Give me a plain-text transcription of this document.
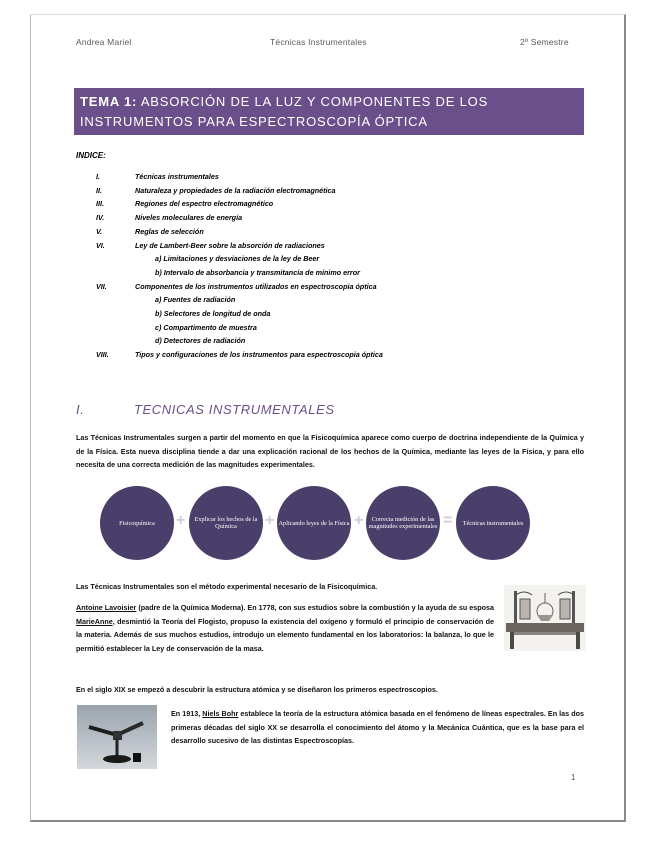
Andrea Mariel	Técnicas Instrumentales	2º Semestre
TEMA 1: ABSORCIÓN DE LA LUZ Y COMPONENTES DE LOS
INSTRUMENTOS PARA ESPECTROSCOPÍA ÓPTICA
INDICE:
I.	Técnicas instrumentales
II.	Naturaleza y propiedades de la radiación electromagnética
III.	Regiones del espectro electromagnético
IV.	Niveles moleculares de energía
V.	Reglas de selección
VI.	Ley de Lambert-Beer sobre la absorción de radiaciones
a) Limitaciones y desviaciones de la ley de Beer
b) Intervalo de absorbancia y transmitancia de mínimo error
VII.	Componentes de los instrumentos utilizados en espectroscopia óptica
a) Fuentes de radiación
b) Selectores de longitud de onda
c) Compartimento de muestra
d) Detectores de radiación
VIII.	Tipos y configuraciones de los instrumentos para espectroscopia óptica
I.	TECNICAS INSTRUMENTALES
Las Técnicas Instrumentales surgen a partir del momento en que la Fisicoquímica aparece como cuerpo de doctrina independiente de la Química y de la Física. Esta nueva disciplina tiende a dar una explicación racional de los hechos de la Química, mediante las leyes de la Física, y para ello necesita de una correcta medición de las magnitudes experimentales.
Fisicoquímica	+	Explicar los hechos de la Química	+ Aplicando leyes de la Física +	Correcta medición de las magnitudes experimentales =	Técnicas instrumentales
Las Técnicas Instrumentales son el método experimental necesario de la Fisicoquímica.
Antoine Lavoisier (padre de la Química Moderna). En 1778, con sus estudios sobre la combustión y la ayuda de su esposa MarieAnne, desmintió la Teoría del Flogisto, propuso la existencia del oxígeno y formuló el principio de conservación de la materia. Además de sus muchos estudios, introdujo un elemento fundamental en los laboratorios: la balanza, lo que le permitió establecer la Ley de conservación de la masa.
En el siglo XIX se empezó a descubrir la estructura atómica y se diseñaron los primeros espectroscopios.
En 1913, Niels Bohr establece la teoría de la estructura atómica basada en el fenómeno de líneas espectrales. En las dos primeras décadas del siglo XX se desarrolla el conocimiento del átomo y la Mecánica Cuántica, que es la base para el desarrollo sucesivo de las distintas Espectroscopías.
1
